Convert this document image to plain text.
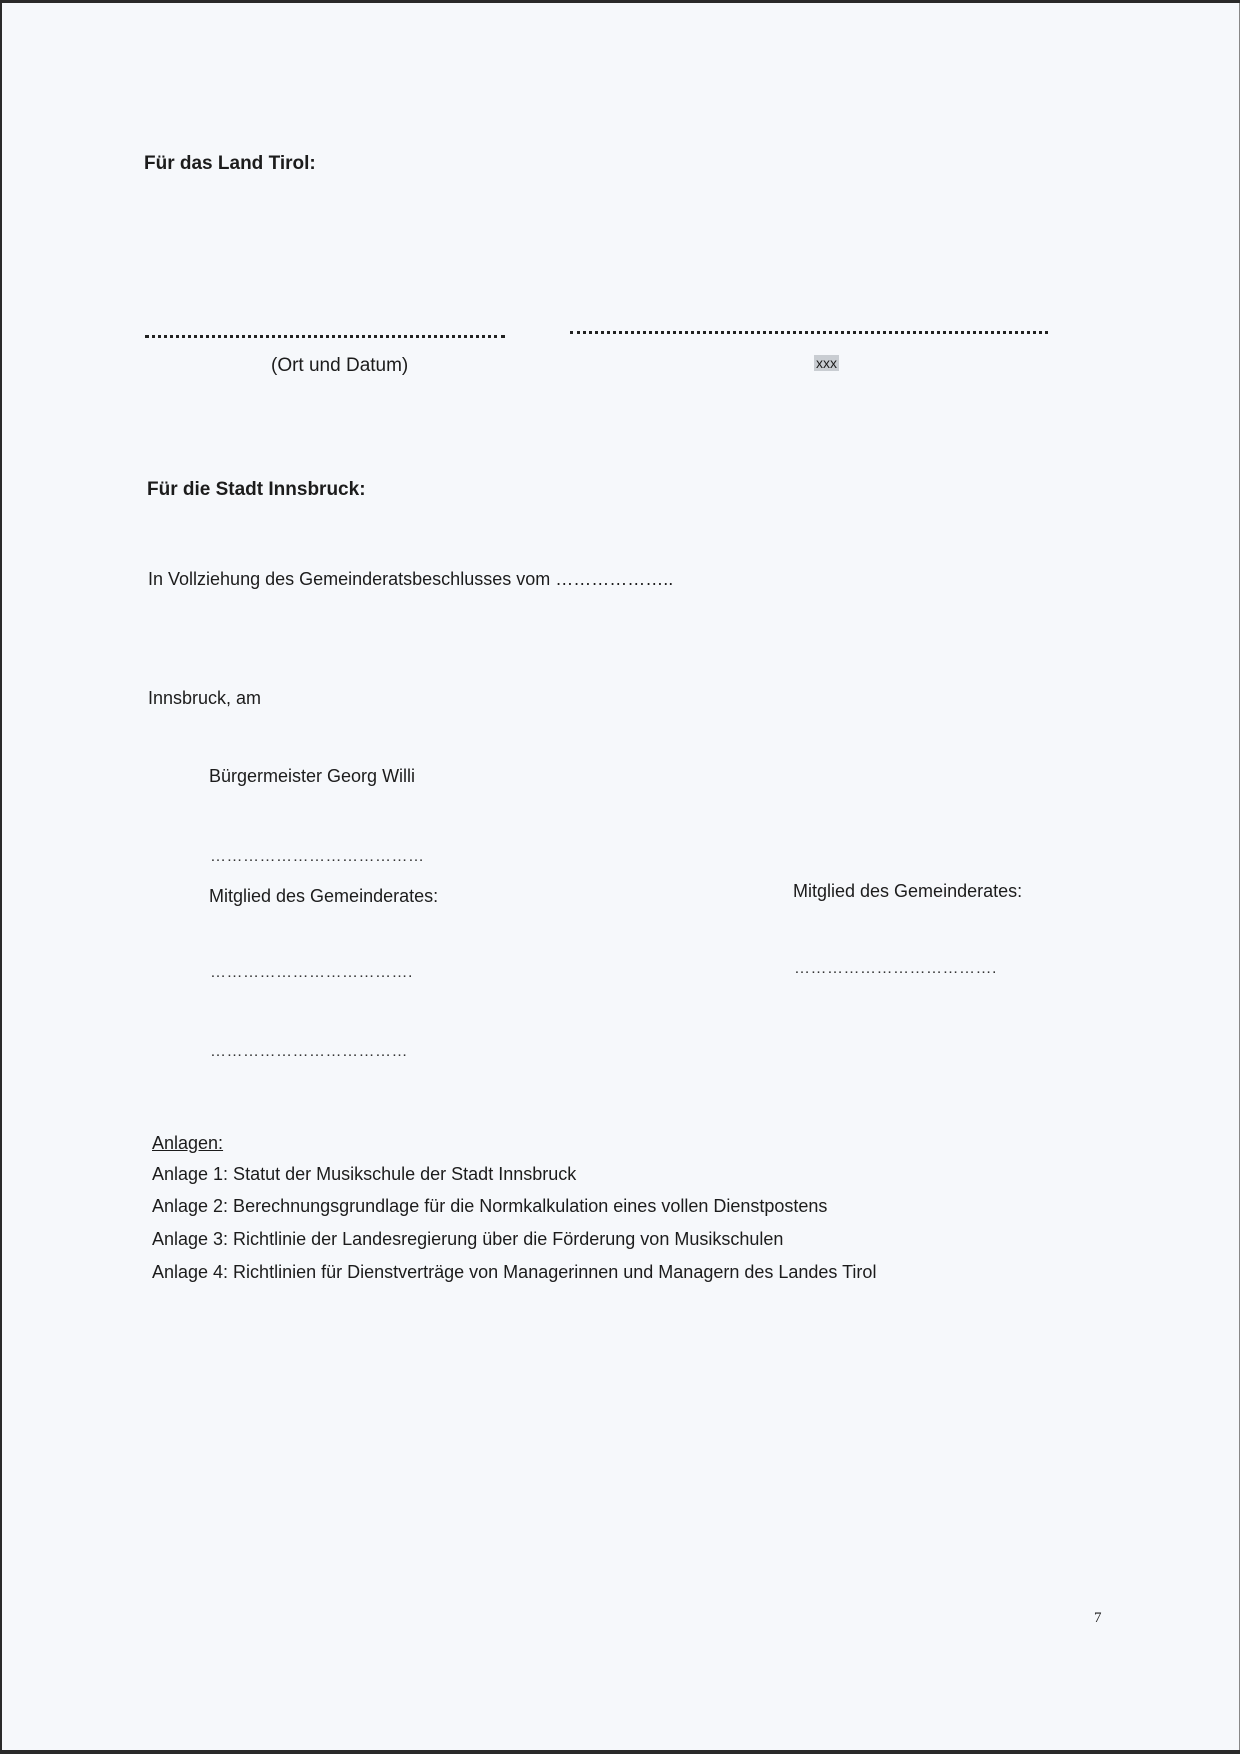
Für das Land Tirol:
(Ort und Datum)	xxx
Für die Stadt Innsbruck:
In Vollziehung des Gemeinderatsbeschlusses vom ………………..
Innsbruck, am
Bürgermeister Georg Willi
…………………………………
Mitglied des Gemeinderates:	Mitglied des Gemeinderates:
……………………………….	……………………………….
………………………………
Anlagen:
Anlage 1: Statut der Musikschule der Stadt Innsbruck
Anlage 2: Berechnungsgrundlage für die Normkalkulation eines vollen Dienstpostens
Anlage 3: Richtlinie der Landesregierung über die Förderung von Musikschulen
Anlage 4: Richtlinien für Dienstverträge von Managerinnen und Managern des Landes Tirol
7
